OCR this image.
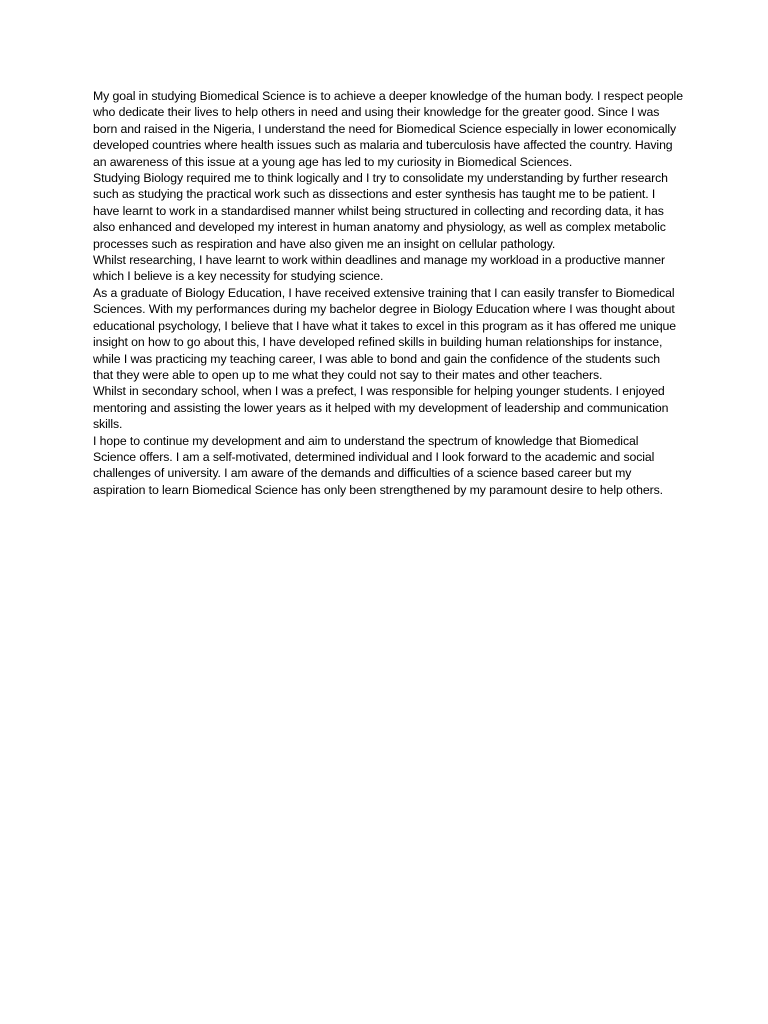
My goal in studying Biomedical Science is to achieve a deeper knowledge of the human body. I respect people who dedicate their lives to help others in need and using their knowledge for the greater good. Since I was born and raised in the Nigeria, I understand the need for Biomedical Science especially in lower economically developed countries where health issues such as malaria and tuberculosis have affected the country. Having an awareness of this issue at a young age has led to my curiosity in Biomedical Sciences.

Studying Biology required me to think logically and I try to consolidate my understanding by further research such as studying the practical work such as dissections and ester synthesis has taught me to be patient. I have learnt to work in a standardised manner whilst being structured in collecting and recording data, it has also enhanced and developed my interest in human anatomy and physiology, as well as complex metabolic processes such as respiration and have also given me an insight on cellular pathology.

Whilst researching, I have learnt to work within deadlines and manage my workload in a productive manner which I believe is a key necessity for studying science.

As a graduate of Biology Education, I have received extensive training that I can easily transfer to Biomedical Sciences. With my performances during my bachelor degree in Biology Education where I was thought about educational psychology, I believe that I have what it takes to excel in this program as it has offered me unique insight on how to go about this, I have developed refined skills in building human relationships for instance, while I was practicing my teaching career, I was able to bond and gain the confidence of the students such that they were able to open up to me what they could not say to their mates and other teachers.

Whilst in secondary school, when I was a prefect, I was responsible for helping younger students. I enjoyed mentoring and assisting the lower years as it helped with my development of leadership and communication skills.

I hope to continue my development and aim to understand the spectrum of knowledge that Biomedical Science offers. I am a self-motivated, determined individual and I look forward to the academic and social challenges of university. I am aware of the demands and difficulties of a science based career but my aspiration to learn Biomedical Science has only been strengthened by my paramount desire to help others.
